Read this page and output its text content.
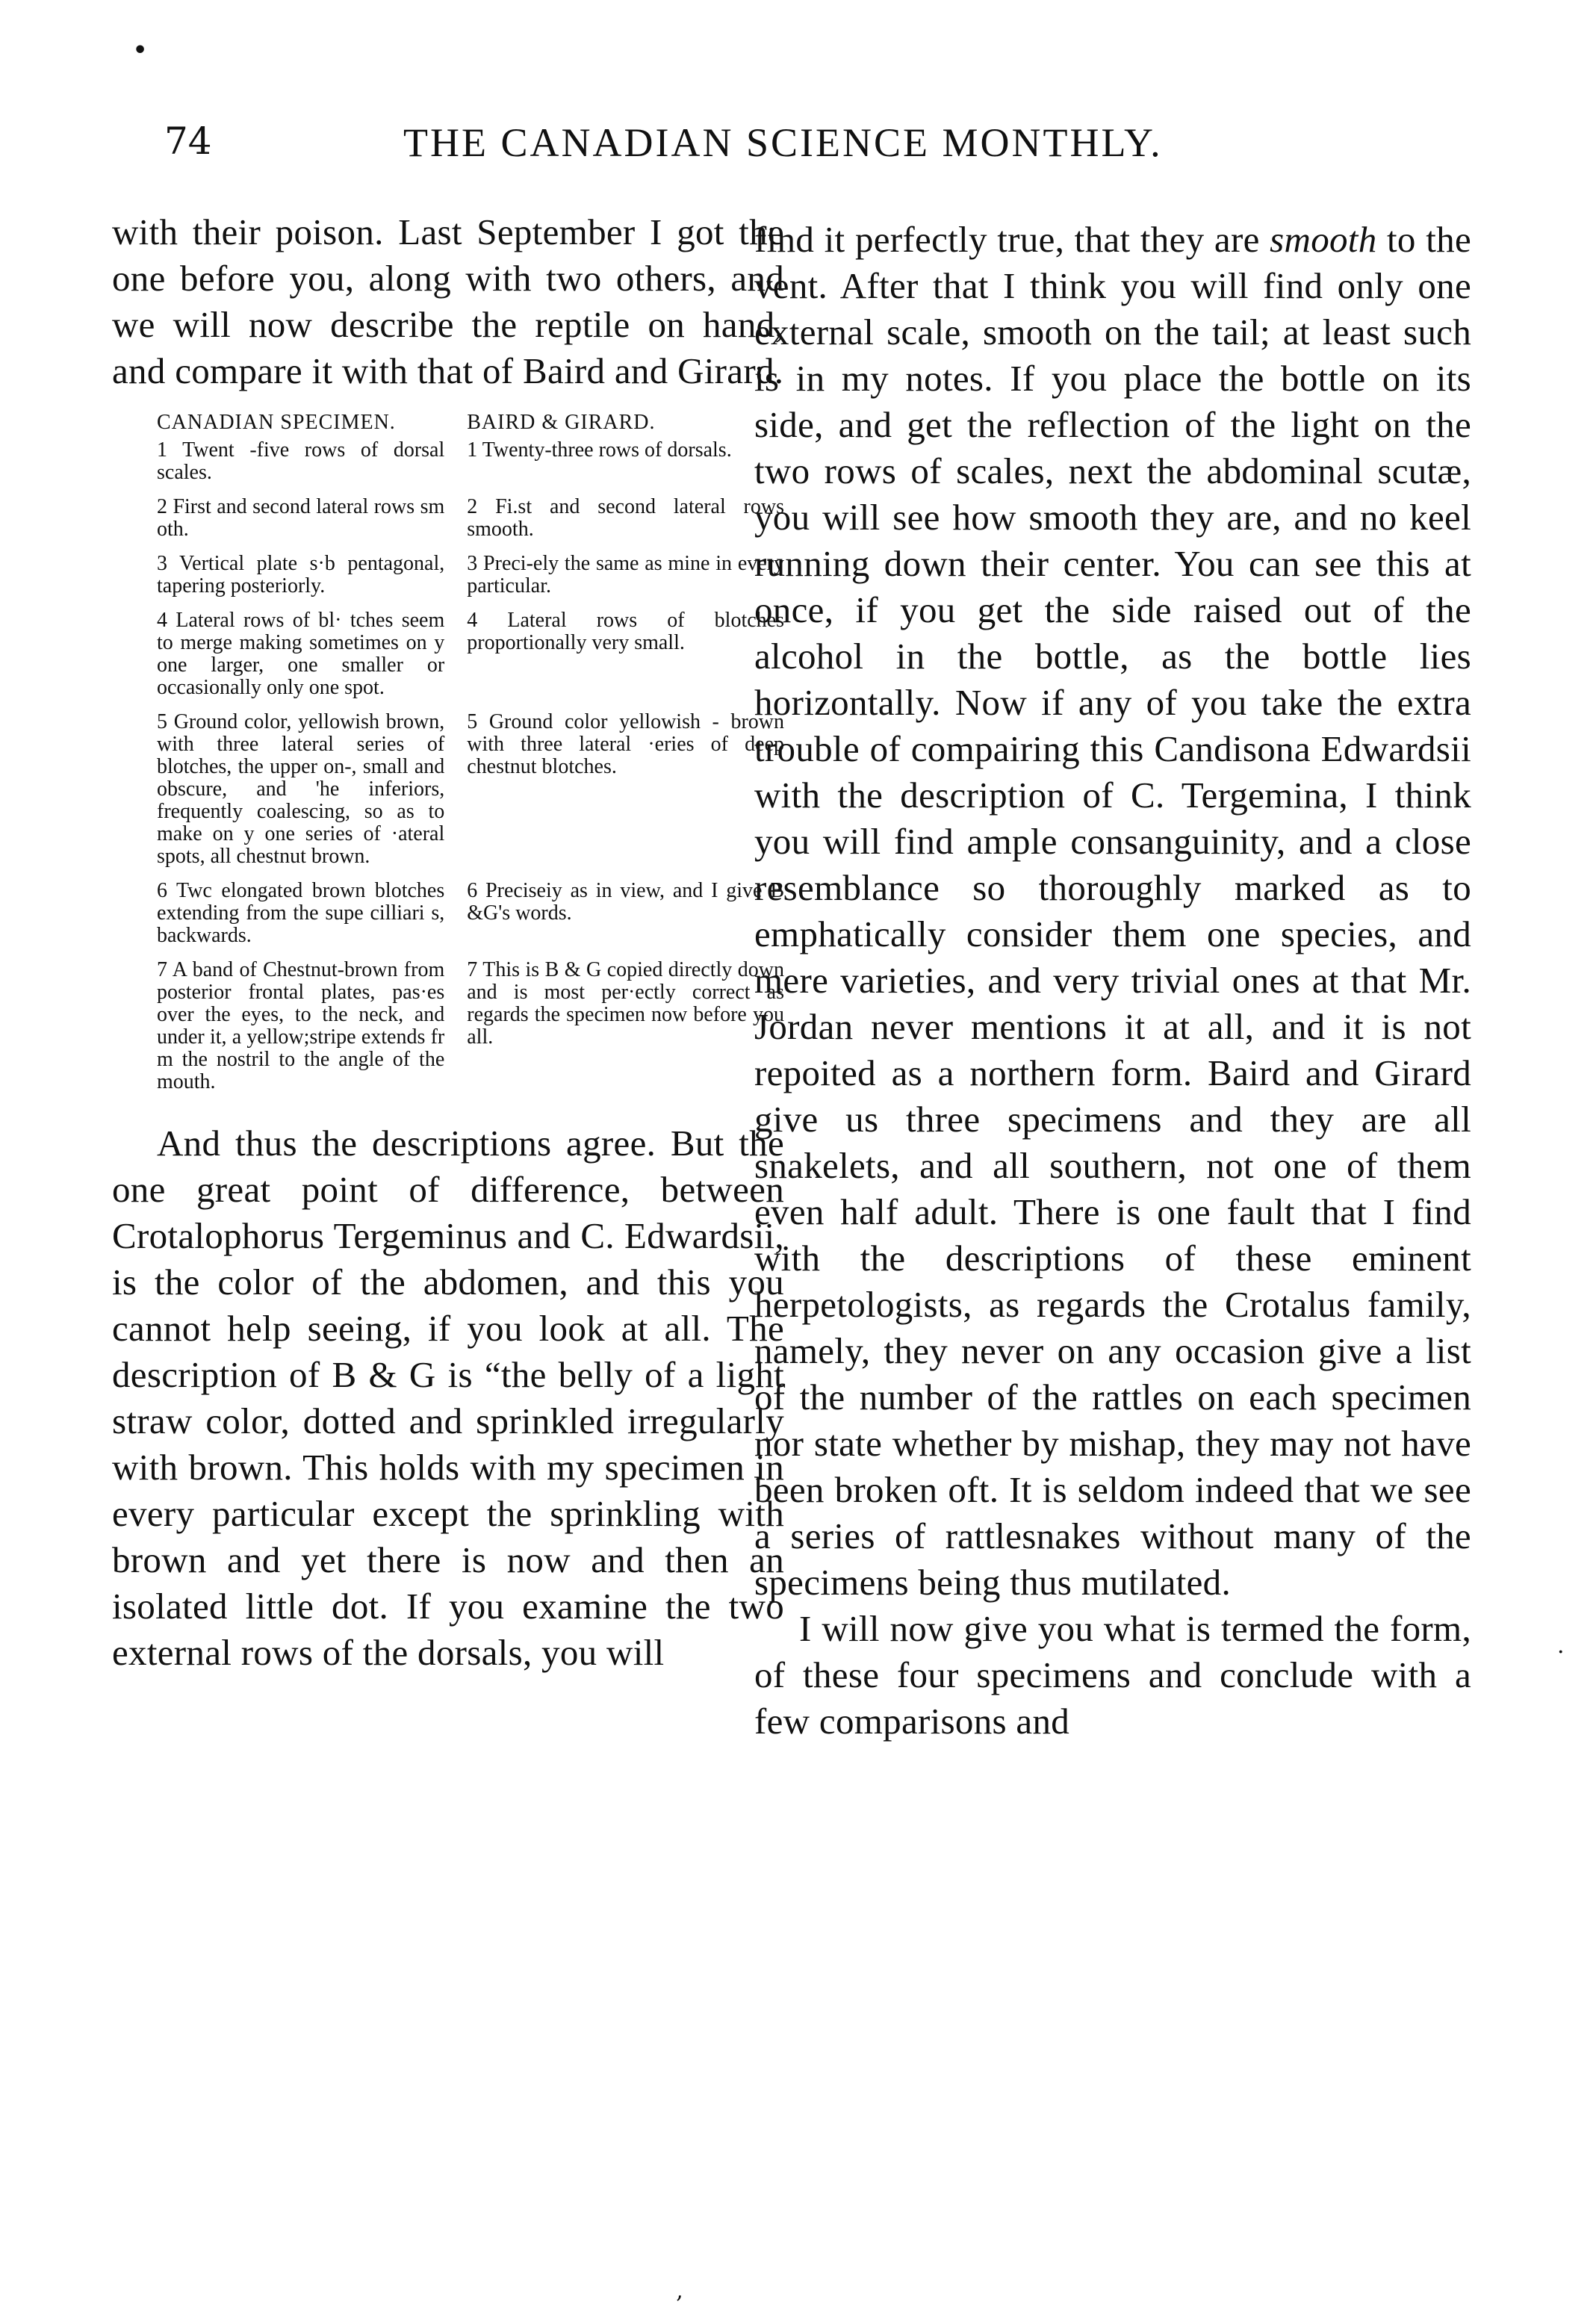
•
74	THE CANADIAN SCIENCE MONTHLY.

with their poison. Last September I got the one before you, along with two others, and we will now describe the reptile on hand, and compare it with that of Baird and Girard.

CANADIAN SPECIMEN.	BAIRD & GIRARD.
1 Twent -five rows of dorsal scales.	1 Twenty-three rows of dorsals.
2 First and second lateral rows sm oth.	2 Fi.st and second lateral rows smooth.
3 Vertical plate s·b pentagonal, tapering posteriorly.	3 Preci-ely the same as mine in every particular.
4 Lateral rows of bl· tches seem to merge making sometimes on y one larger, one smaller or occasionally only one spot.	4 Lateral rows of blotches proportionally very small.
5 Ground color, yellowish brown, with three lateral series of blotches, the upper on-, small and obscure, and 'he inferiors, frequently coalescing, so as to make on y one series of ·ateral spots, all chestnut brown.	5 Ground color yellowish - brown with three lateral ·eries of deep chestnut blotches.
6 Twc elongated brown blotches extending from the supe cilliari s, backwards.	6 Preciseiy as in view, and I give B &G's words.
7 A band of Chestnut-brown from posterior frontal plates, pas·es over the eyes, to the neck, and under it, a yellow;stripe extends fr m the nostril to the angle of the mouth.	7 This is B & G copied directly down and is most per·ectly correct as regards the specimen now before you all.

And thus the descriptions agree. But the one great point of difference, between Crotalophorus Tergeminus and C. Edwardsii, is the color of the abdomen, and this you cannot help seeing, if you look at all. The description of B & G is “the belly of a light straw color, dotted and sprinkled irregularly with brown. This holds with my specimen in every particular except the sprinkling with brown and yet there is now and then an isolated little dot. If you examine the two external rows of the dorsals, you will

find it perfectly true, that they are smooth to the vent. After that I think you will find only one external scale, smooth on the tail; at least such is in my notes. If you place the bottle on its side, and get the reflection of the light on the two rows of scales, next the abdominal scutæ, you will see how smooth they are, and no keel running down their center. You can see this at once, if you get the side raised out of the alcohol in the bottle, as the bottle lies horizontally. Now if any of you take the extra trouble of compairing this Candisona Edwardsii with the description of C. Tergemina, I think you will find ample consanguinity, and a close resemblance so thoroughly marked as to emphatically consider them one species, and mere varieties, and very trivial ones at that Mr. Jordan never mentions it at all, and it is not repoited as a northern form. Baird and Girard give us three specimens and they are all snakelets, and all southern, not one of them even half adult. There is one fault that I find with the descriptions of these eminent herpetologists, as regards the Crotalus family, namely, they never on any occasion give a list of the number of the rattles on each specimen nor state whether by mishap, they may not have been broken oft. It is seldom indeed that we see a series of rattlesnakes without many of the specimens being thus mutilated.

I will now give you what is termed the form, of these four specimens and conclude with a few comparisons and

·
‚
